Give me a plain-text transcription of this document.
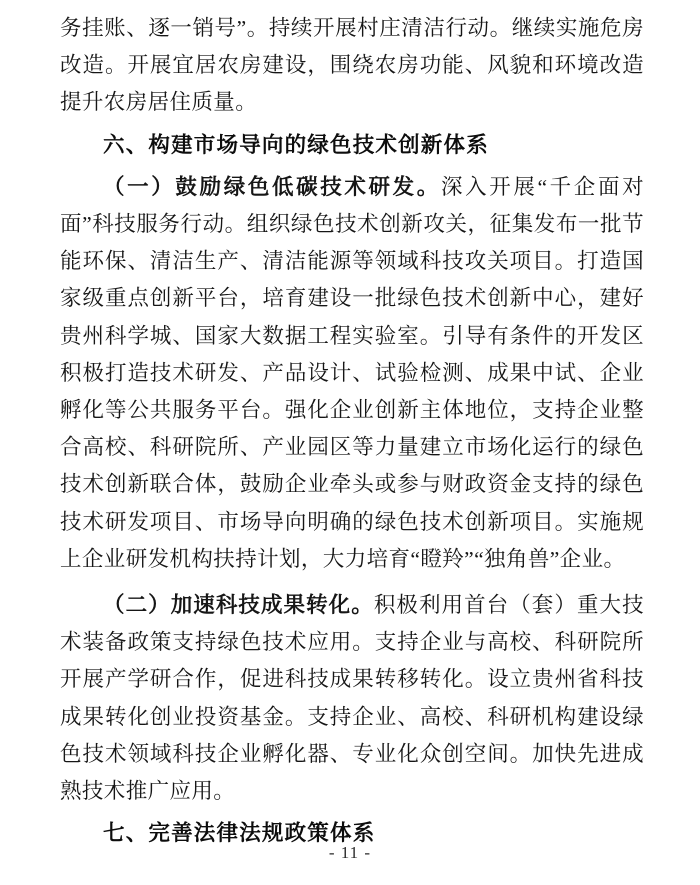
务挂账、逐一销号”。持续开展村庄清洁行动。继续实施危房改造。开展宜居农房建设，围绕农房功能、风貌和环境改造提升农房居住质量。

六、构建市场导向的绿色技术创新体系

（一）鼓励绿色低碳技术研发。深入开展“千企面对面”科技服务行动。组织绿色技术创新攻关，征集发布一批节能环保、清洁生产、清洁能源等领域科技攻关项目。打造国家级重点创新平台，培育建设一批绿色技术创新中心，建好贵州科学城、国家大数据工程实验室。引导有条件的开发区积极打造技术研发、产品设计、试验检测、成果中试、企业孵化等公共服务平台。强化企业创新主体地位，支持企业整合高校、科研院所、产业园区等力量建立市场化运行的绿色技术创新联合体，鼓励企业牵头或参与财政资金支持的绿色技术研发项目、市场导向明确的绿色技术创新项目。实施规上企业研发机构扶持计划，大力培育“瞪羚”“独角兽”企业。

（二）加速科技成果转化。积极利用首台（套）重大技术装备政策支持绿色技术应用。支持企业与高校、科研院所开展产学研合作，促进科技成果转移转化。设立贵州省科技成果转化创业投资基金。支持企业、高校、科研机构建设绿色技术领域科技企业孵化器、专业化众创空间。加快先进成熟技术推广应用。

七、完善法律法规政策体系

- 11 -
